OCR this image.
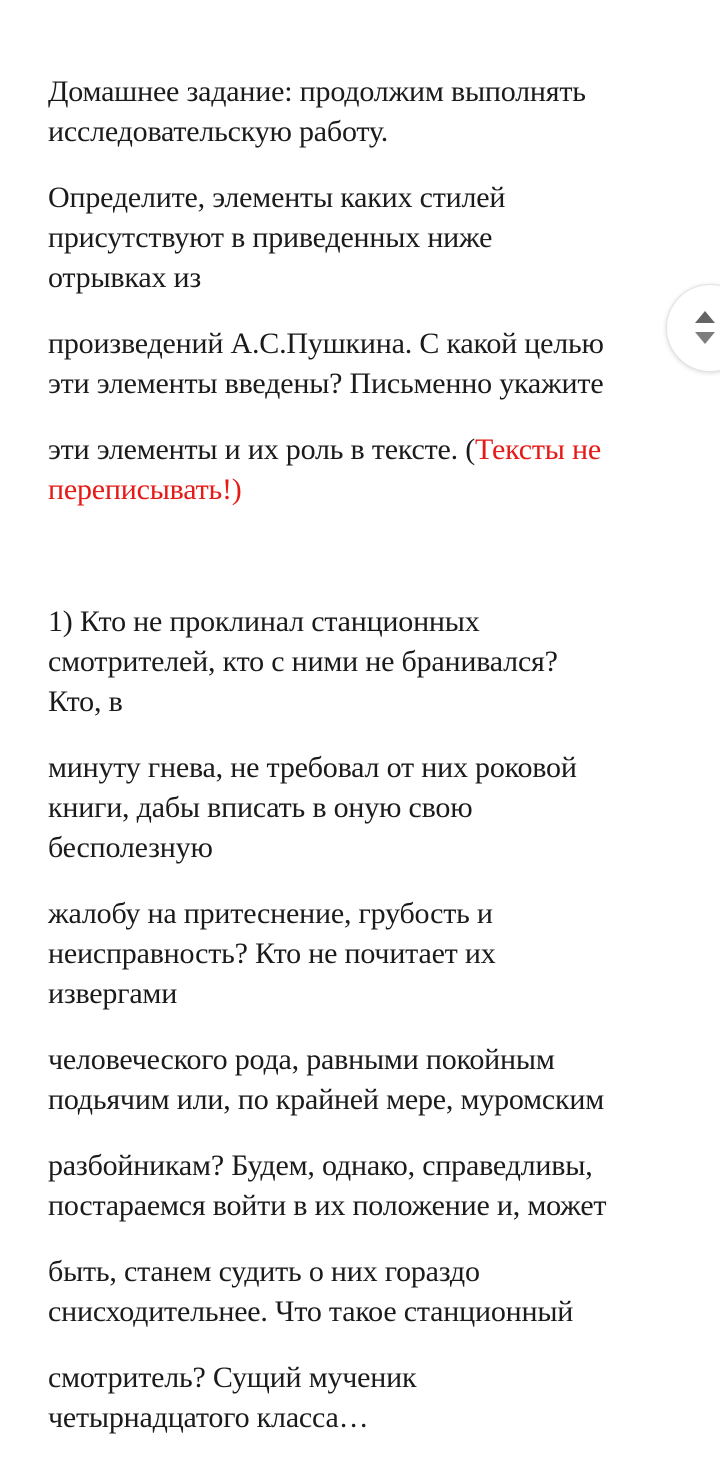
Домашнее задание: продолжим выполнять
исследовательскую работу.
Определите, элементы каких стилей
присутствуют в приведенных ниже
отрывках из
произведений А.С.Пушкина. С какой целью
эти элементы введены? Письменно укажите
эти элементы и их роль в тексте. (Тексты не
переписывать!)
1) Кто не проклинал станционных
смотрителей, кто с ними не бранивался?
Кто, в
минуту гнева, не требовал от них роковой
книги, дабы вписать в оную свою
бесполезную
жалобу на притеснение, грубость и
неисправность? Кто не почитает их
извергами
человеческого рода, равными покойным
подьячим или, по крайней мере, муромским
разбойникам? Будем, однако, справедливы,
постараемся войти в их положение и, может
быть, станем судить о них гораздо
снисходительнее. Что такое станционный
смотритель? Сущий мученик
четырнадцатого класса…
